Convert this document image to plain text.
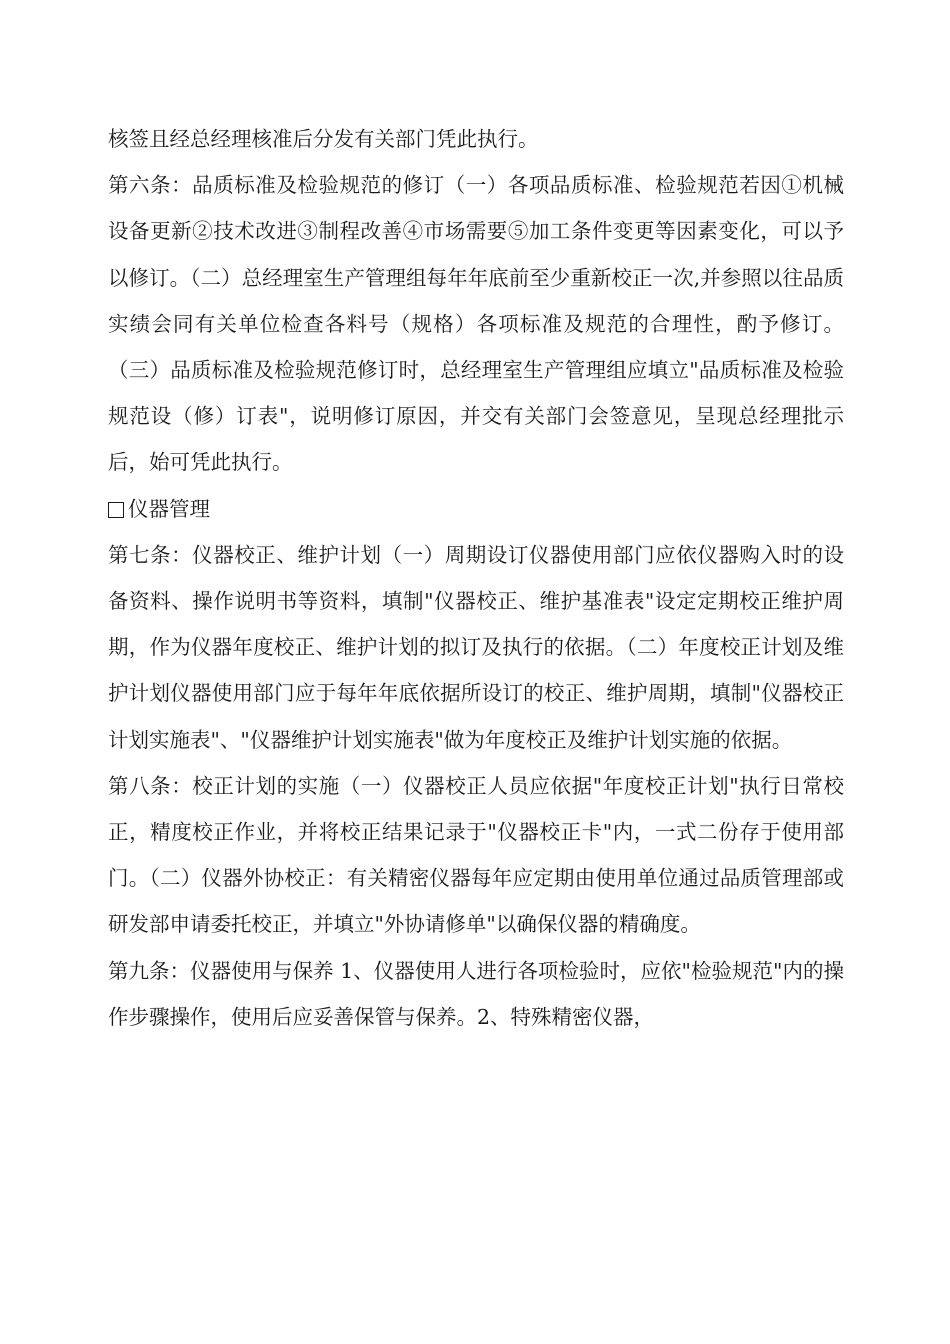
核签且经总经理核准后分发有关部门凭此执行。

第六条：品质标准及检验规范的修订（一）各项品质标准、检验规范若因①机械设备更新②技术改进③制程改善④市场需要⑤加工条件变更等因素变化，可以予以修订。（二）总经理室生产管理组每年年底前至少重新校正一次,并参照以往品质实绩会同有关单位检查各料号（规格）各项标准及规范的合理性，酌予修订。（三）品质标准及检验规范修订时，总经理室生产管理组应填立"品质标准及检验规范设（修）订表"，说明修订原因，并交有关部门会签意见，呈现总经理批示后，始可凭此执行。

仪器管理

第七条：仪器校正、维护计划（一）周期设订仪器使用部门应依仪器购入时的设备资料、操作说明书等资料，填制"仪器校正、维护基准表"设定定期校正维护周期，作为仪器年度校正、维护计划的拟订及执行的依据。（二）年度校正计划及维护计划仪器使用部门应于每年年底依据所设订的校正、维护周期，填制"仪器校正计划实施表"、"仪器维护计划实施表"做为年度校正及维护计划实施的依据。

第八条：校正计划的实施（一）仪器校正人员应依据"年度校正计划"执行日常校正，精度校正作业，并将校正结果记录于"仪器校正卡"内，一式二份存于使用部门。（二）仪器外协校正：有关精密仪器每年应定期由使用单位通过品质管理部或研发部申请委托校正，并填立"外协请修单"以确保仪器的精确度。

第九条：仪器使用与保养 1、仪器使用人进行各项检验时，应依"检验规范"内的操作步骤操作，使用后应妥善保管与保养。2、特殊精密仪器，
